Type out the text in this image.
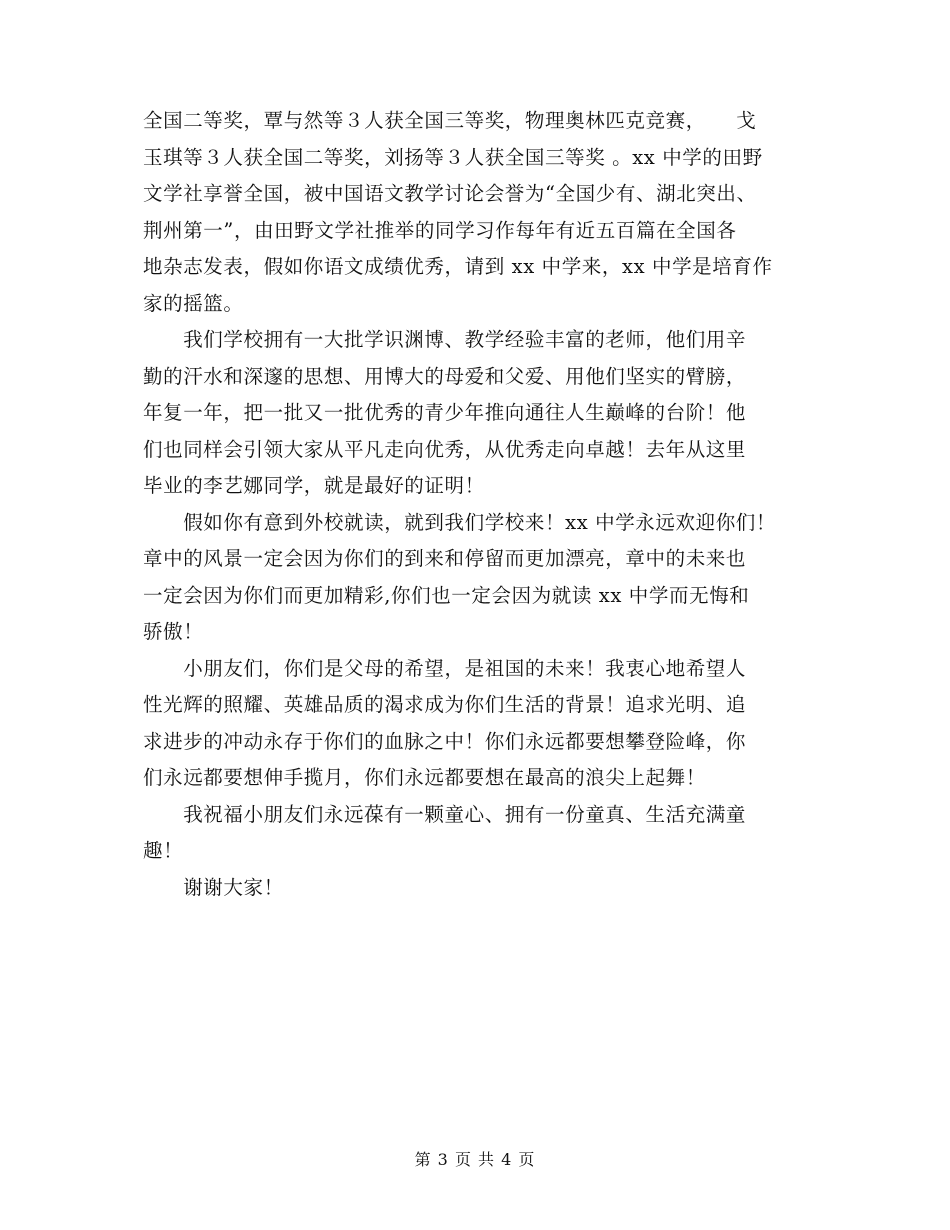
全国二等奖，覃与然等３人获全国三等奖，物理奥林匹克竞赛，　　戈
玉琪等３人获全国二等奖，刘扬等３人获全国三等奖 。xx 中学的田野
文学社享誉全国，被中国语文教学讨论会誉为“全国少有、湖北突出、
荆州第一”，由田野文学社推举的同学习作每年有近五百篇在全国各
地杂志发表，假如你语文成绩优秀，请到 xx 中学来，xx 中学是培育作
家的摇篮。
　　我们学校拥有一大批学识渊博、教学经验丰富的老师，他们用辛
勤的汗水和深邃的思想、用博大的母爱和父爱、用他们坚实的臂膀，
年复一年，把一批又一批优秀的青少年推向通往人生巅峰的台阶！他
们也同样会引领大家从平凡走向优秀，从优秀走向卓越！去年从这里
毕业的李艺娜同学，就是最好的证明！
　　假如你有意到外校就读，就到我们学校来！xx 中学永远欢迎你们！
章中的风景一定会因为你们的到来和停留而更加漂亮，章中的未来也
一定会因为你们而更加精彩,你们也一定会因为就读 xx 中学而无悔和
骄傲！
　　小朋友们，你们是父母的希望，是祖国的未来！我衷心地希望人
性光辉的照耀、英雄品质的渴求成为你们生活的背景！追求光明、追
求进步的冲动永存于你们的血脉之中！你们永远都要想攀登险峰，你
们永远都要想伸手揽月，你们永远都要想在最高的浪尖上起舞！
　　我祝福小朋友们永远葆有一颗童心、拥有一份童真、生活充满童
趣！
　　谢谢大家！
第 3 页 共 4 页
